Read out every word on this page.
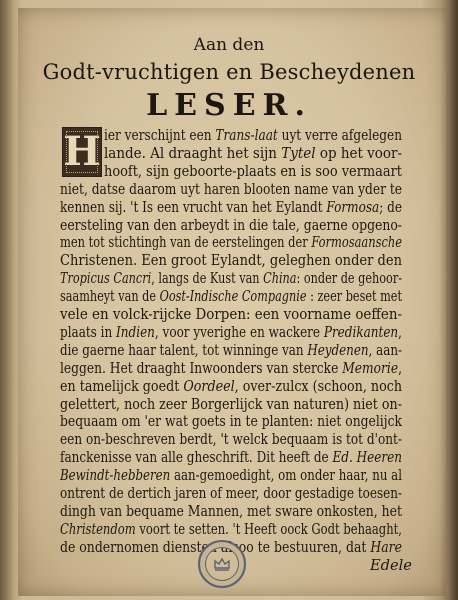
Aan den
Godt-vruchtigen en Bescheydenen
LESER.
H ier verschijnt een Trans-laat uyt verre afgelegen
lande. Al draaght het sijn Tytel op het voor-
hooft, sijn geboorte-plaats en is soo vermaart
niet, datse daarom uyt haren blooten name van yder te
kennen sij. 't Is een vrucht van het Eylandt Formosa; de
eersteling van den arbeydt in die tale, gaerne opgeno-
men tot stichtingh van de eerstelingen der Formosaansche
Christenen. Een groot Eylandt, geleghen onder den
Tropicus Cancri, langs de Kust van China: onder de gehoor-
saamheyt van de Oost-Indische Compagnie : zeer beset met
vele en volck-rijcke Dorpen: een voorname oeffen-
plaats in Indien, voor yverighe en wackere Predikanten,
die gaerne haar talent, tot winninge van Heydenen, aan-
leggen. Het draaght Inwoonders van stercke Memorie,
en tamelijck goedt Oordeel, over-zulcx (schoon, noch
gelettert, noch zeer Borgerlijck van naturen) niet on-
bequaam om 'er wat goets in te planten: niet ongelijck
een on-beschreven berdt, 't welck bequaam is tot d'ont-
fanckenisse van alle gheschrift. Dit heeft de Ed. Heeren
Bewindt-hebberen aan-gemoedight, om onder haar, nu al
ontrent de dertich jaren of meer, door gestadige toesen-
dingh van bequame Mannen, met sware onkosten, het
Christendom voort te setten. 't Heeft oock Godt behaaght,
de ondernomen diensten alsoo te bestuuren, dat Hare
Edele
